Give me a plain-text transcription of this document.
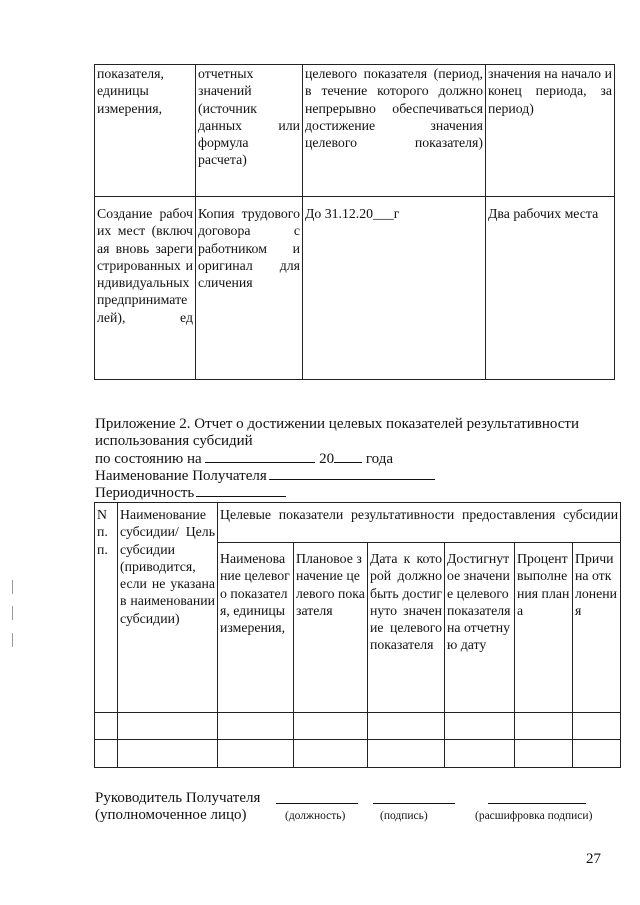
показателя, единицы измерения,	отчетных значений (источник данных или формула расчета)	целевого показателя (период, в течение которого должно непрерывно обеспечиваться достижение значения целевого показателя)	значения на начало и конец периода, за период)

Создание рабочих мест (включая вновь зарегистрированных индивидуальных предпринимателей), ед	Копия трудового договора с работником и оригинал для сличения	До 31.12.20___г	Два рабочих места
Приложение 2. Отчет о достижении целевых показателей результативности
использования субсидий
по состоянию на	20 года
Наименование Получателя
Периодичность
N п. п.	Наименование субсидии/ Цель субсидии (приводится, если не указана в наименовании субсидии)	Целевые показатели результативности предоставления субсидии					

		Наименование целевого показателя, единицы измерения,	Плановое значение целевого показателя	Дата к которой должно быть достигнуто значение целевого показателя	Достигнутое значение целевого показателя на отчетную дату	Процент выполнения плана	Причина отклонения

Руководитель Получателя
(уполномоченное лицо)	(должность)	(подпись)	(расшифровка подписи)
27
